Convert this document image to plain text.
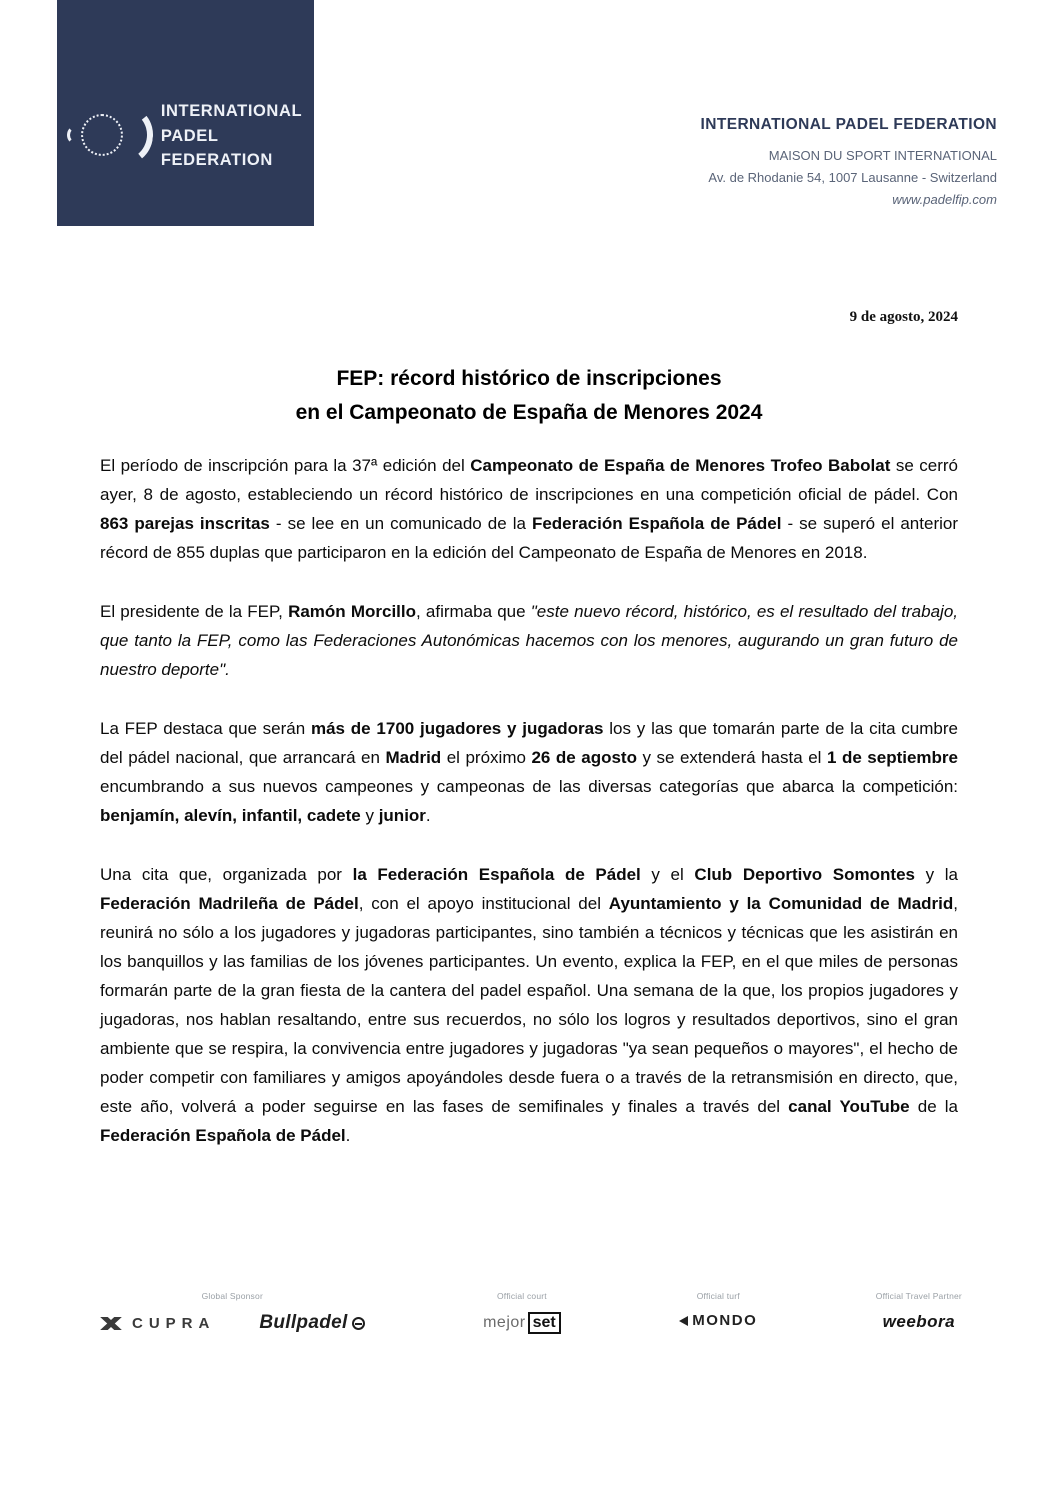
INTERNATIONAL
PADEL
FEDERATION
INTERNATIONAL PADEL FEDERATION
MAISON DU SPORT INTERNATIONAL
Av. de Rhodanie 54, 1007 Lausanne - Switzerland
www.padelfip.com
9 de agosto, 2024
FEP: récord histórico de inscripciones
en el Campeonato de España de Menores 2024

El período de inscripción para la 37ª edición del Campeonato de España de Menores Trofeo Babolat se cerró ayer, 8 de agosto, estableciendo un récord histórico de inscripciones en una competición oficial de pádel. Con 863 parejas inscritas - se lee en un comunicado de la Federación Española de Pádel - se superó el anterior récord de 855 duplas que participaron en la edición del Campeonato de España de Menores en 2018.

El presidente de la FEP, Ramón Morcillo, afirmaba que "este nuevo récord, histórico, es el resultado del trabajo, que tanto la FEP, como las Federaciones Autonómicas hacemos con los menores, augurando un gran futuro de nuestro deporte".

La FEP destaca que serán más de 1700 jugadores y jugadoras los y las que tomarán parte de la cita cumbre del pádel nacional, que arrancará en Madrid el próximo 26 de agosto y se extenderá hasta el 1 de septiembre encumbrando a sus nuevos campeones y campeonas de las diversas categorías que abarca la competición: benjamín, alevín, infantil, cadete y junior.

Una cita que, organizada por la Federación Española de Pádel y el Club Deportivo Somontes y la Federación Madrileña de Pádel, con el apoyo institucional del Ayuntamiento y la Comunidad de Madrid, reunirá no sólo a los jugadores y jugadoras participantes, sino también a técnicos y técnicas que les asistirán en los banquillos y las familias de los jóvenes participantes. Un evento, explica la FEP, en el que miles de personas formarán parte de la gran fiesta de la cantera del padel español. Una semana de la que, los propios jugadores y jugadoras, nos hablan resaltando, entre sus recuerdos, no sólo los logros y resultados deportivos, sino el gran ambiente que se respira, la convivencia entre jugadores y jugadoras "ya sean pequeños o mayores", el hecho de poder competir con familiares y amigos apoyándoles desde fuera o a través de la retransmisión en directo, que, este año, volverá a poder seguirse en las fases de semifinales y finales a través del canal YouTube de la Federación Española de Pádel.

Global Sponsor
CUPRA Bullpadel
Official court
mejor set
Official turf
MONDO
Official Travel Partner
weebora
